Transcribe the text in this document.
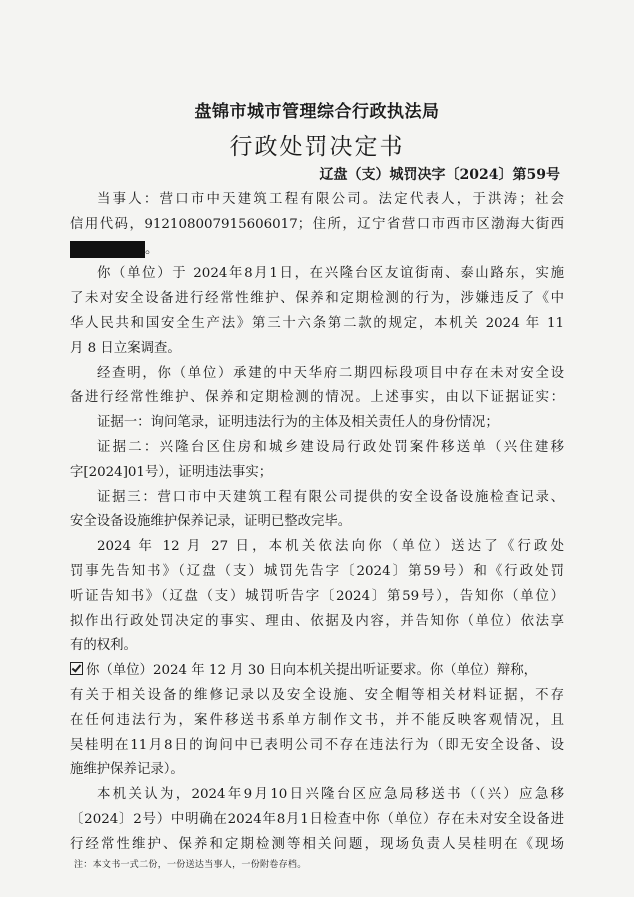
盘锦市城市管理综合行政执法局
行政处罚决定书
辽盘（支）城罚决字〔2024〕第59号
当事人：营口市中天建筑工程有限公司。法定代表人，于洪涛；社会
信用代码，912108007915606017；住所，辽宁省营口市西市区渤海大街西
。
你（单位）于 2024年8月1日，在兴隆台区友谊街南、泰山路东，实施
了未对安全设备进行经常性维护、保养和定期检测的行为，涉嫌违反了《中
华人民共和国安全生产法》第三十六条第二款的规定，本机关 2024 年 11
月 8 日立案调查。
经查明，你（单位）承建的中天华府二期四标段项目中存在未对安全设
备进行经常性维护、保养和定期检测的情况。上述事实，由以下证据证实：
证据一：询问笔录，证明违法行为的主体及相关责任人的身份情况；
证据二：兴隆台区住房和城乡建设局行政处罚案件移送单（兴住建移
字[2024]01号），证明违法事实；
证据三：营口市中天建筑工程有限公司提供的安全设备设施检查记录、
安全设备设施维护保养记录，证明已整改完毕。
2024 年 12 月 27 日，本机关依法向你（单位）送达了《行政处
罚事先告知书》（辽盘（支）城罚先告字〔2024〕第59号）和《行政处罚
听证告知书》（辽盘（支）城罚听告字〔2024〕第59号），告知你（单位）
拟作出行政处罚决定的事实、理由、依据及内容，并告知你（单位）依法享
有的权利。
你（单位）2024 年 12 月 30 日向本机关提出听证要求。你（单位）辩称，
有关于相关设备的维修记录以及安全设施、安全帽等相关材料证据，不存
在任何违法行为，案件移送书系单方制作文书，并不能反映客观情况，且
吴桂明在11月8日的询问中已表明公司不存在违法行为（即无安全设备、设
施维护保养记录）。
本机关认为，2024年9月10日兴隆台区应急局移送书（（兴）应急移
〔2024〕2号）中明确在2024年8月1日检查中你（单位）存在未对安全设备进
行经常性维护、保养和定期检测等相关问题，现场负责人吴桂明在《现场
注：本文书一式二份，一份送达当事人，一份附卷存档。
